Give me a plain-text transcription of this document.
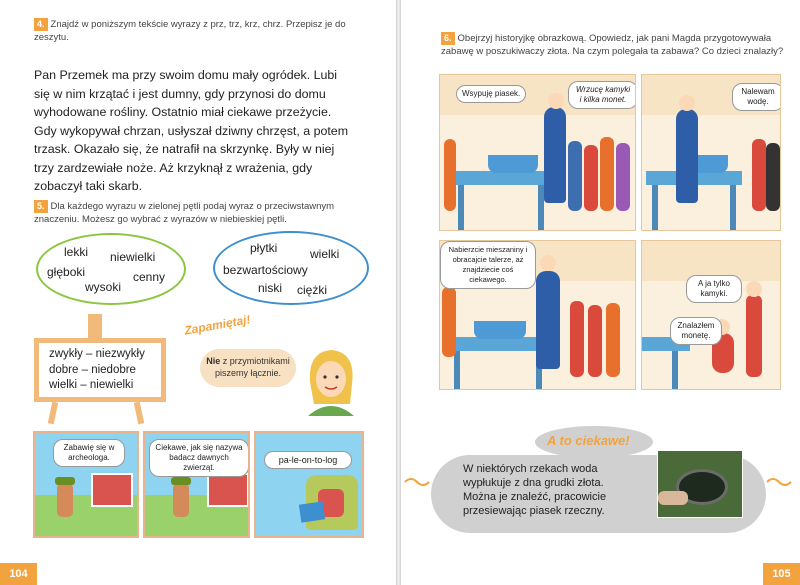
4. Znajdź w poniższym tekście wyrazy z prz, trz, krz, chrz. Przepisz je do zeszytu.
Pan Przemek ma przy swoim domu mały ogródek. Lubi
się w nim krzątać i jest dumny, gdy przynosi do domu
wyhodowane rośliny. Ostatnio miał ciekawe przeżycie.
Gdy wykopywał chrzan, usłyszał dziwny chrzęst, a potem
trzask. Okazało się, że natrafił na skrzynkę. Były w niej
trzy zardzewiałe noże. Aż krzyknął z wrażenia, gdy
zobaczył taki skarb.
5. Dla każdego wyrazu w zielonej pętli podaj wyraz o przeciwstawnym znaczeniu. Możesz go wybrać z wyrazów w niebieskiej pętli.
lekki niewielki
głęboki	cenny
wysoki
płytki	wielki
bezwartościowy
niski ciężki
zwykły – niezwykły
dobre – niedobre
wielki – niewielki
Zapamiętaj!
Nie z przymiotnikami
piszemy łącznie.
Zabawię się w archeologa.
Ciekawe, jak się nazywa badacz dawnych zwierząt.
pa-le-on-to-log
104
6. Obejrzyj historyjkę obrazkową. Opowiedz, jak pani Magda przygotowywała zabawę w poszukiwaczy złota. Na czym polegała ta zabawa? Co dzieci znalazły?
Wsypuję piasek.	Wrzucę kamyki i kilka monet.
Nalewam wodę.
Nabierzcie mieszaniny i obracajcie talerze, aż znajdziecie coś ciekawego.	A ja tylko kamyki.
Znalazłem monetę.
A to ciekawe!
W niektórych rzekach woda
wypłukuje z dna grudki złota.
Można je znaleźć, pracowicie
przesiewając piasek rzeczny.
105
